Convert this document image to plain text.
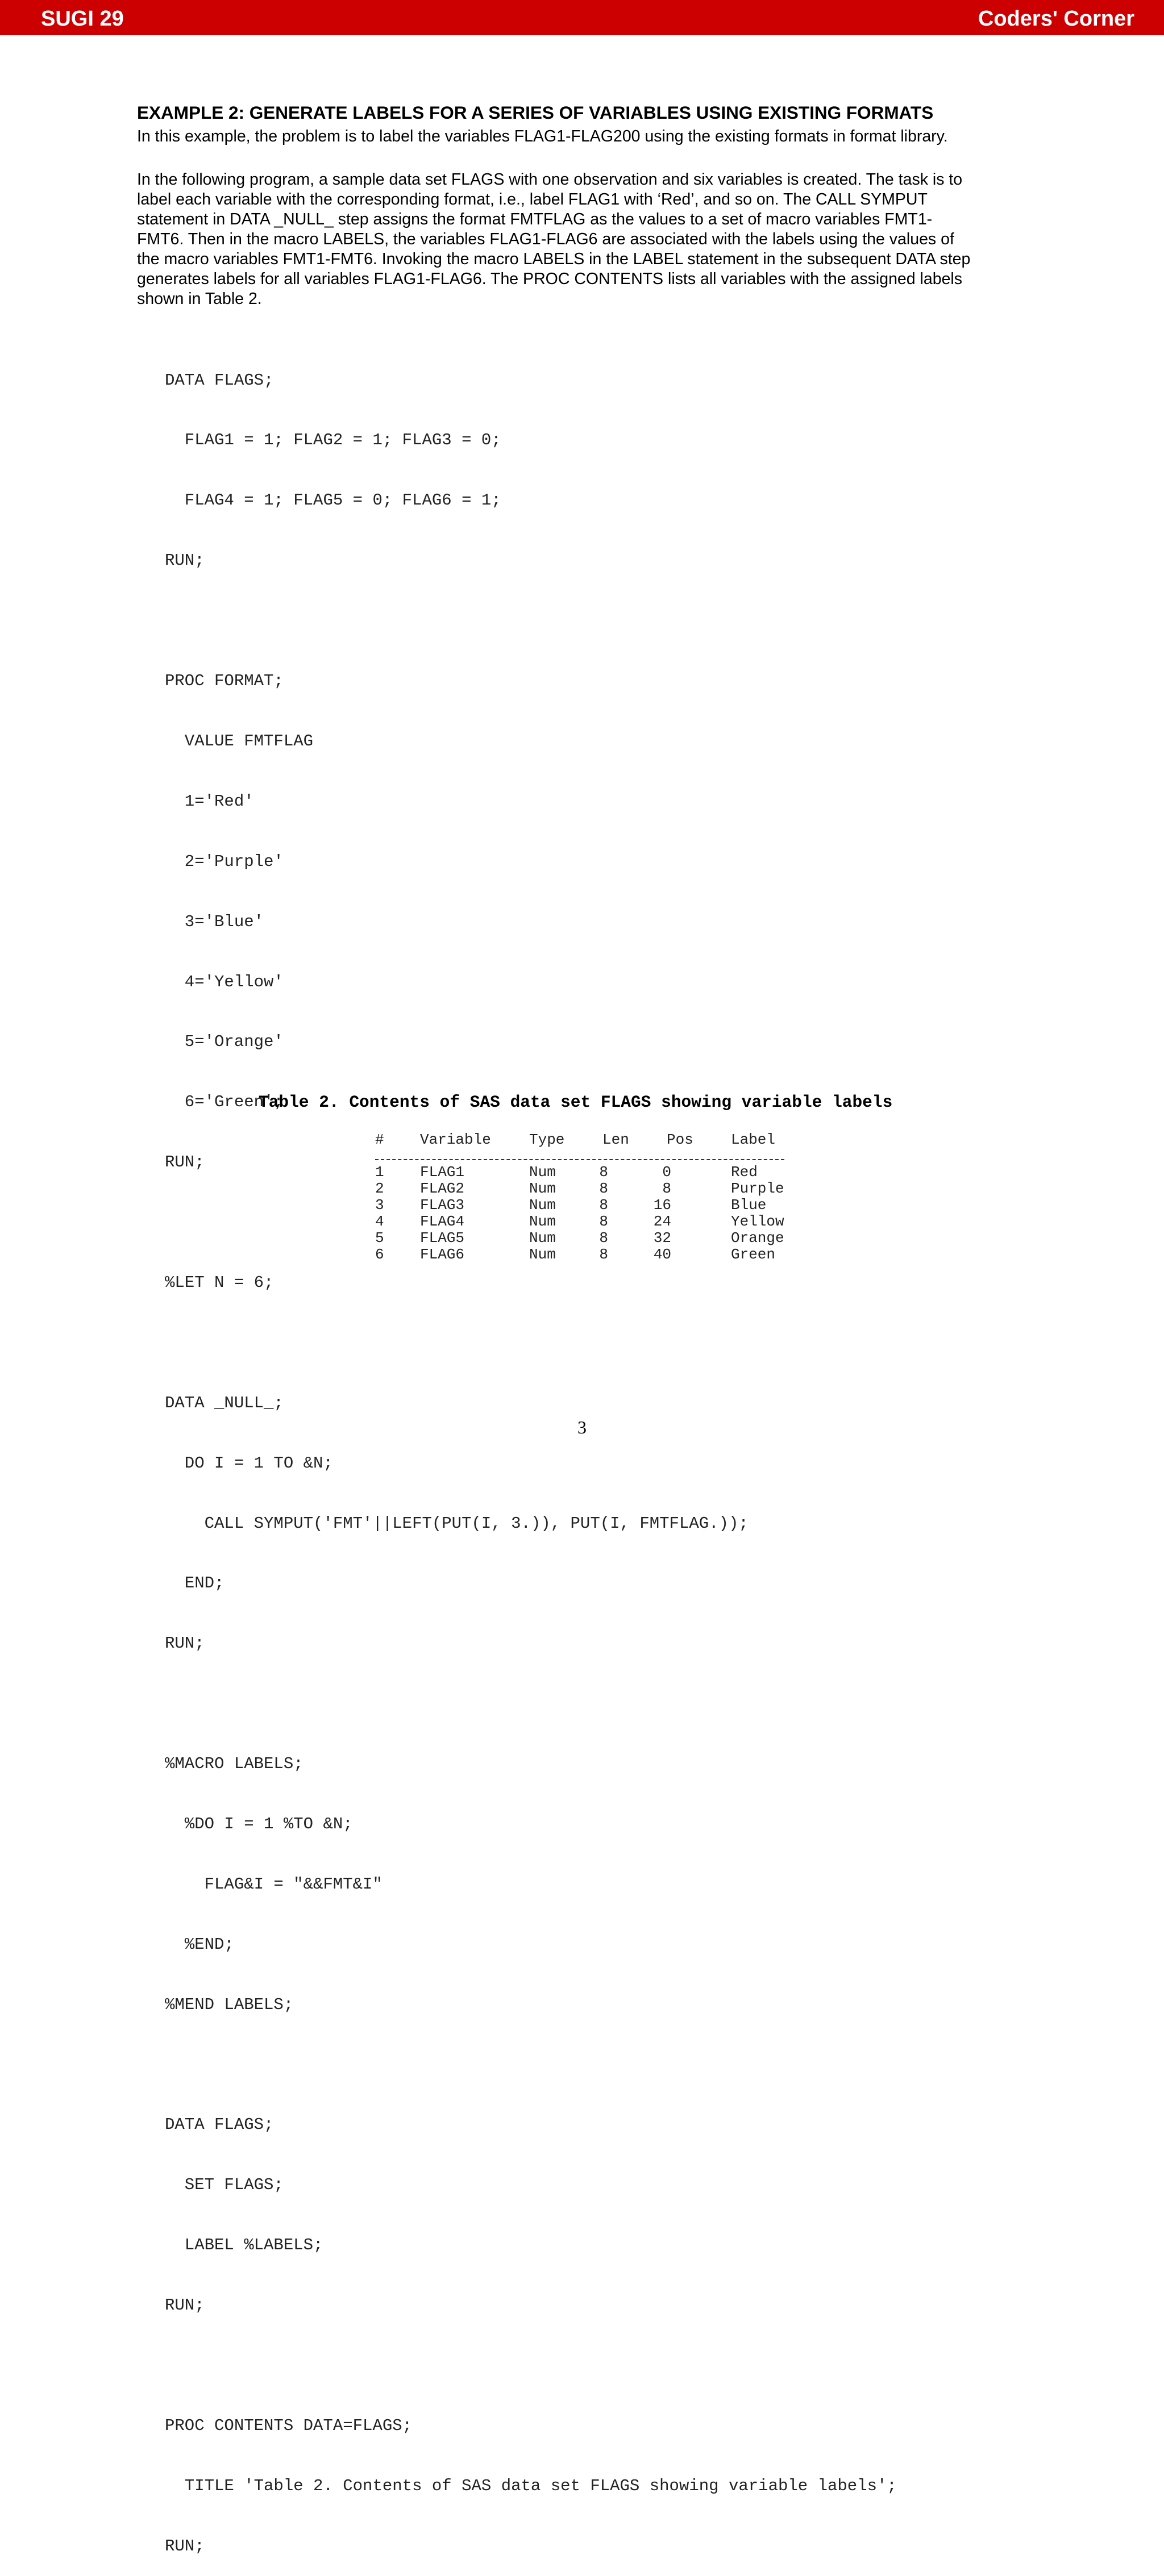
SUGI 29	Coders' Corner
EXAMPLE 2: GENERATE LABELS FOR A SERIES OF VARIABLES USING EXISTING FORMATS

In this example, the problem is to label the variables FLAG1-FLAG200 using the existing formats in format library.

In the following program, a sample data set FLAGS with one observation and six variables is created. The task is to
label each variable with the corresponding format, i.e., label FLAG1 with ‘Red’, and so on. The CALL SYMPUT
statement in DATA _NULL_ step assigns the format FMTFLAG as the values to a set of macro variables FMT1-
FMT6. Then in the macro LABELS, the variables FLAG1-FLAG6 are associated with the labels using the values of
the macro variables FMT1-FMT6. Invoking the macro LABELS in the LABEL statement in the subsequent DATA step
generates labels for all variables FLAG1-FLAG6. The PROC CONTENTS lists all variables with the assigned labels
shown in Table 2.

DATA FLAGS;

FLAG1 = 1; FLAG2 = 1; FLAG3 = 0;

FLAG4 = 1; FLAG5 = 0; FLAG6 = 1;

RUN;

PROC FORMAT;

VALUE FMTFLAG

1='Red'

2='Purple'

3='Blue'

4='Yellow'

5='Orange'

6='Green';

RUN;

%LET N = 6;

DATA _NULL_;

DO I = 1 TO &N;

CALL SYMPUT('FMT'||LEFT(PUT(I, 3.)), PUT(I, FMTFLAG.));

END;

RUN;

%MACRO LABELS;

%DO I = 1 %TO &N;

FLAG&I = "&&FMT&I"

%END;

%MEND LABELS;

DATA FLAGS;

SET FLAGS;

LABEL %LABELS;

RUN;

PROC CONTENTS DATA=FLAGS;

TITLE 'Table 2. Contents of SAS data set FLAGS showing variable labels';

RUN;

Table 2. Contents of SAS data set FLAGS showing variable labels
# Variable	Type	Len	Pos	Label
1 FLAG1	Num	8	0	Red
2 FLAG2	Num	8	8	Purple
3 FLAG3	Num	8	16	Blue
4 FLAG4	Num	8	24	Yellow
5 FLAG5	Num	8	32	Orange
6 FLAG6	Num	8	40	Green
3
